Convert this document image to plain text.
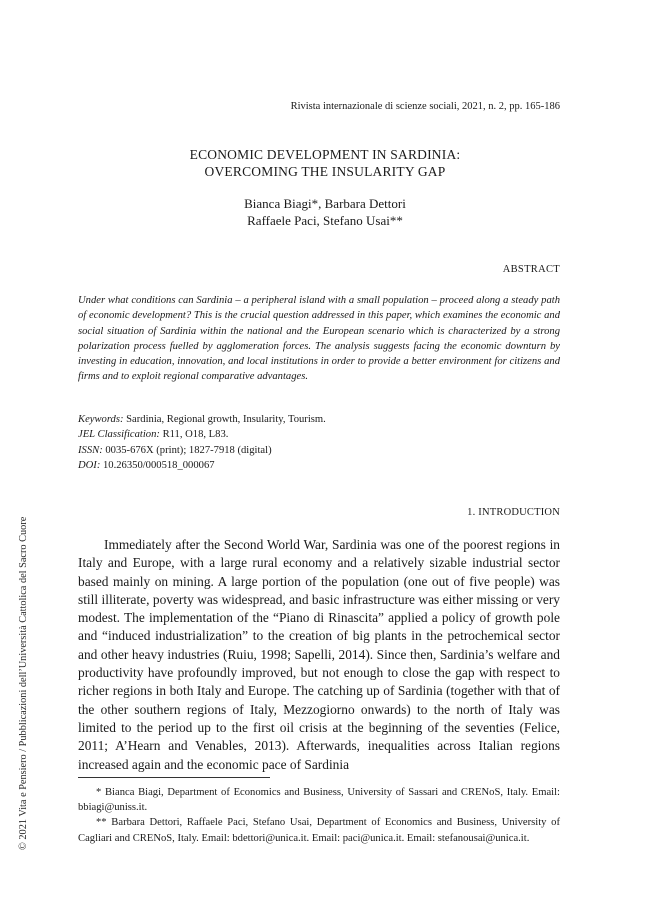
Rivista internazionale di scienze sociali, 2021, n. 2, pp. 165-186
ECONOMIC DEVELOPMENT IN SARDINIA:
OVERCOMING THE INSULARITY GAP
Bianca Biagi*, Barbara Dettori
Raffaele Paci, Stefano Usai**
ABSTRACT
Under what conditions can Sardinia – a peripheral island with a small population – proceed along a steady path of economic development? This is the crucial question addressed in this paper, which examines the economic and social situation of Sardinia within the national and the European scenario which is characterized by a strong polarization process fuelled by agglomeration forces. The analysis suggests facing the economic downturn by investing in education, innovation, and local institutions in order to provide a better environment for citizens and firms and to exploit regional comparative advantages.
Keywords: Sardinia, Regional growth, Insularity, Tourism.
JEL Classification: R11, O18, L83.
ISSN: 0035-676X (print); 1827-7918 (digital)
DOI: 10.26350/000518_000067
1. INTRODUCTION
Immediately after the Second World War, Sardinia was one of the poorest regions in Italy and Europe, with a large rural economy and a relatively sizable industrial sector based mainly on mining. A large portion of the population (one out of five people) was still illiterate, poverty was widespread, and basic infrastructure was either missing or very modest. The implementation of the “Piano di Rinascita” applied a policy of growth pole and “induced industrialization” to the creation of big plants in the petrochemical sector and other heavy industries (Ruiu, 1998; Sapelli, 2014). Since then, Sardinia’s welfare and productivity have profoundly improved, but not enough to close the gap with respect to richer regions in both Italy and Europe. The catching up of Sardinia (together with that of the other southern regions of Italy, Mezzogiorno onwards) to the north of Italy was limited to the period up to the first oil crisis at the beginning of the seventies (Felice, 2011; A’Hearn and Venables, 2013). Afterwards, inequalities across Italian regions increased again and the economic pace of Sardinia

* Bianca Biagi, Department of Economics and Business, University of Sassari and CRENoS, Italy. Email: bbiagi@uniss.it.

** Barbara Dettori, Raffaele Paci, Stefano Usai, Department of Economics and Business, University of Cagliari and CRENoS, Italy. Email: bdettori@unica.it. Email: paci@unica.it. Email: stefanousai@unica.it.

© 2021 Vita e Pensiero / Pubblicazioni dell’Università Cattolica del Sacro Cuore
